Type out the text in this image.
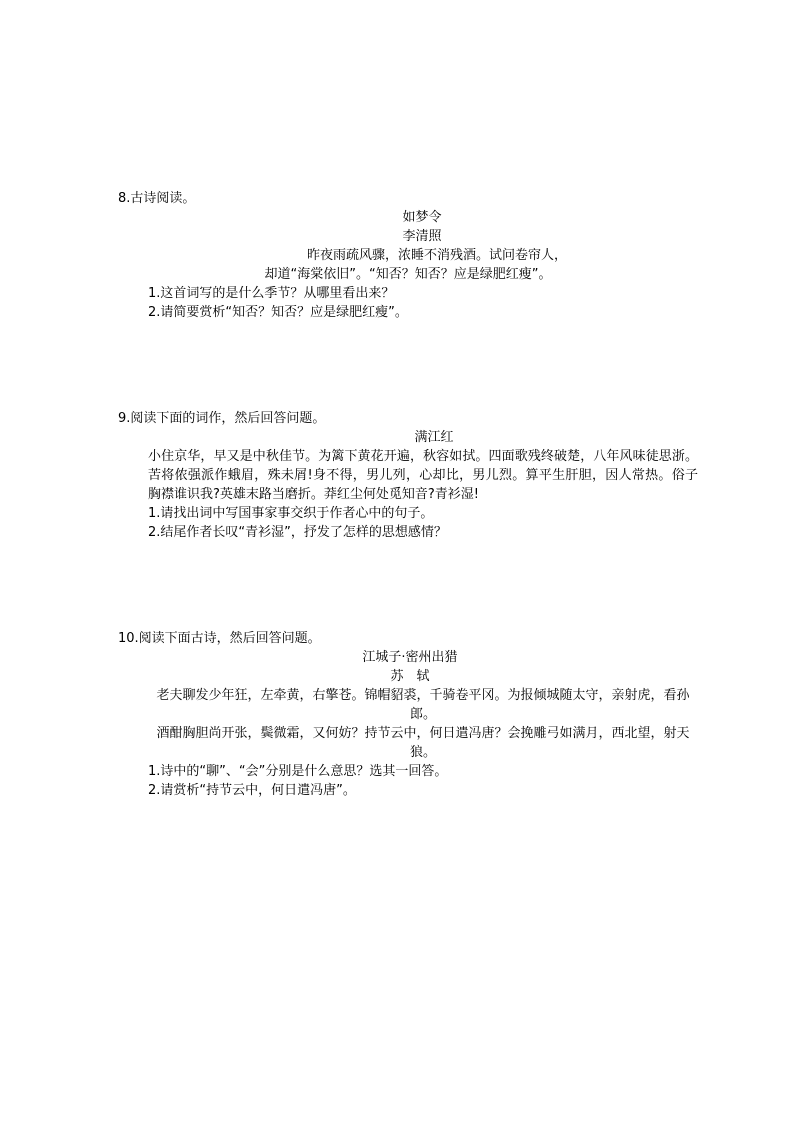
8.古诗阅读。
如梦令
李清照
昨夜雨疏风骤，浓睡不消残酒。试问卷帘人，
却道“海棠依旧”。“知否？知否？应是绿肥红瘦”。
1.这首词写的是什么季节？从哪里看出来？
2.请简要赏析“知否？知否？应是绿肥红瘦”。
9.阅读下面的词作，然后回答问题。
满江红
小住京华，早又是中秋佳节。为篱下黄花开遍，秋容如拭。四面歌残终破楚，八年风味徒思浙。苦将侬强派作蛾眉，殊未屑!身不得，男儿列，心却比，男儿烈。算平生肝胆，因人常热。俗子胸襟谁识我?英雄末路当磨折。莽红尘何处觅知音?青衫湿!
1.请找出词中写国事家事交织于作者心中的句子。
2.结尾作者长叹“青衫湿”，抒发了怎样的思想感情？
10.阅读下面古诗，然后回答问题。
江城子·密州出猎
苏　轼
老夫聊发少年狂，左牵黄，右擎苍。锦帽貂裘，千骑卷平冈。为报倾城随太守，亲射虎，看孙郎。
酒酣胸胆尚开张，鬓微霜，又何妨？持节云中，何日遣冯唐？会挽雕弓如满月，西北望，射天狼。
1.诗中的“聊”、“会”分别是什么意思？选其一回答。
2.请赏析“持节云中，何日遣冯唐”。
